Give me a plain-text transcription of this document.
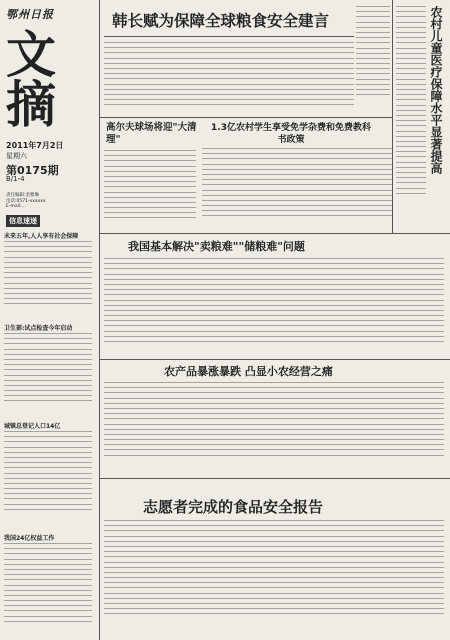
鄂州日报
文摘
2011年7月2日
星期六
第0175期
B/1-4
责任编辑:金雅琳
电话:0571-xxxxxx
E-mail:...
信息速递
未来五年,人人享有社会保障
卫生部:试点检查今年启动
城镇总登记人口14亿
我国24亿权益工作
韩长赋为保障全球粮食安全建言
高尔夫球场将迎"大清理"
1.3亿农村学生享受免学杂费和免费教科书政策
我国基本解决"卖粮难""储粮难"问题
农产品暴涨暴跌 凸显小农经营之痛
志愿者完成的食品安全报告
农村儿童医疗保障水平显著提高
